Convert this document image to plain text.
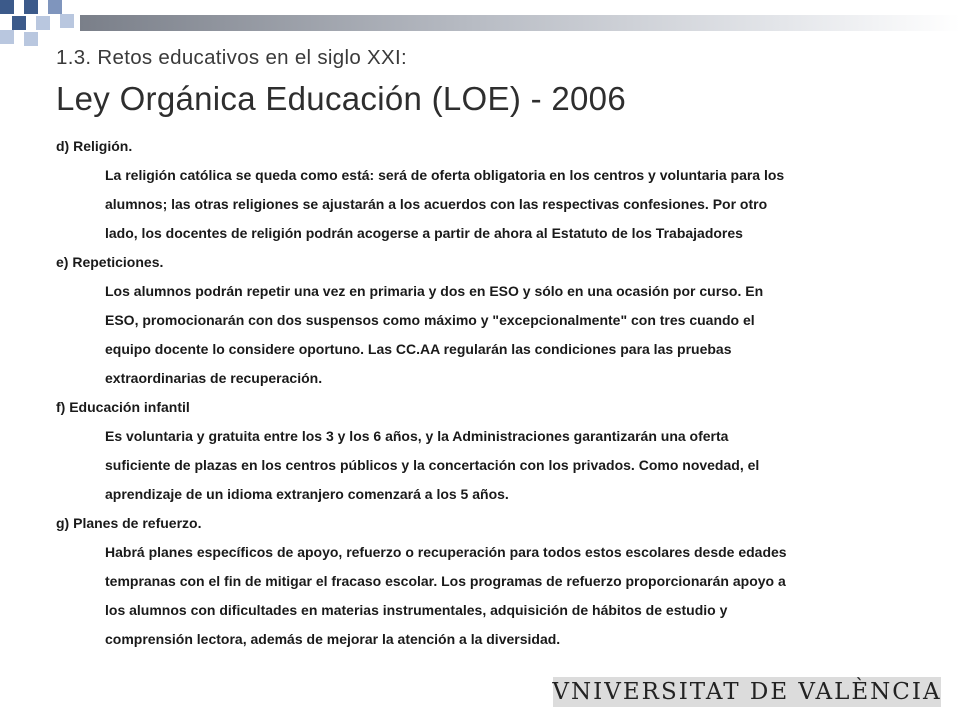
1.3. Retos educativos en el siglo XXI:
Ley Orgánica Educación (LOE) - 2006
d) Religión.
La religión católica se queda como está: será de oferta obligatoria en los centros y voluntaria para los
alumnos; las otras religiones se ajustarán a los acuerdos con las respectivas confesiones. Por otro
lado, los docentes de religión podrán acogerse a partir de ahora al Estatuto de los Trabajadores
e) Repeticiones.
Los alumnos podrán repetir una vez en primaria y dos en ESO y sólo en una ocasión por curso. En
ESO, promocionarán con dos suspensos como máximo y "excepcionalmente" con tres cuando el
equipo docente lo considere oportuno. Las CC.AA regularán las condiciones para las pruebas
extraordinarias de recuperación.
f) Educación infantil
Es voluntaria y gratuita entre los 3 y los 6 años, y la Administraciones garantizarán una oferta
suficiente de plazas en los centros públicos y la concertación con los privados. Como novedad, el
aprendizaje de un idioma extranjero comenzará a los 5 años.
g) Planes de refuerzo.
Habrá planes específicos de apoyo, refuerzo o recuperación para todos estos escolares desde edades
tempranas con el fin de mitigar el fracaso escolar. Los programas de refuerzo proporcionarán apoyo a
los alumnos con dificultades en materias instrumentales, adquisición de hábitos de estudio y
comprensión lectora, además de mejorar la atención a la diversidad.
VNIVERSITAT DE VALÈNCIA
